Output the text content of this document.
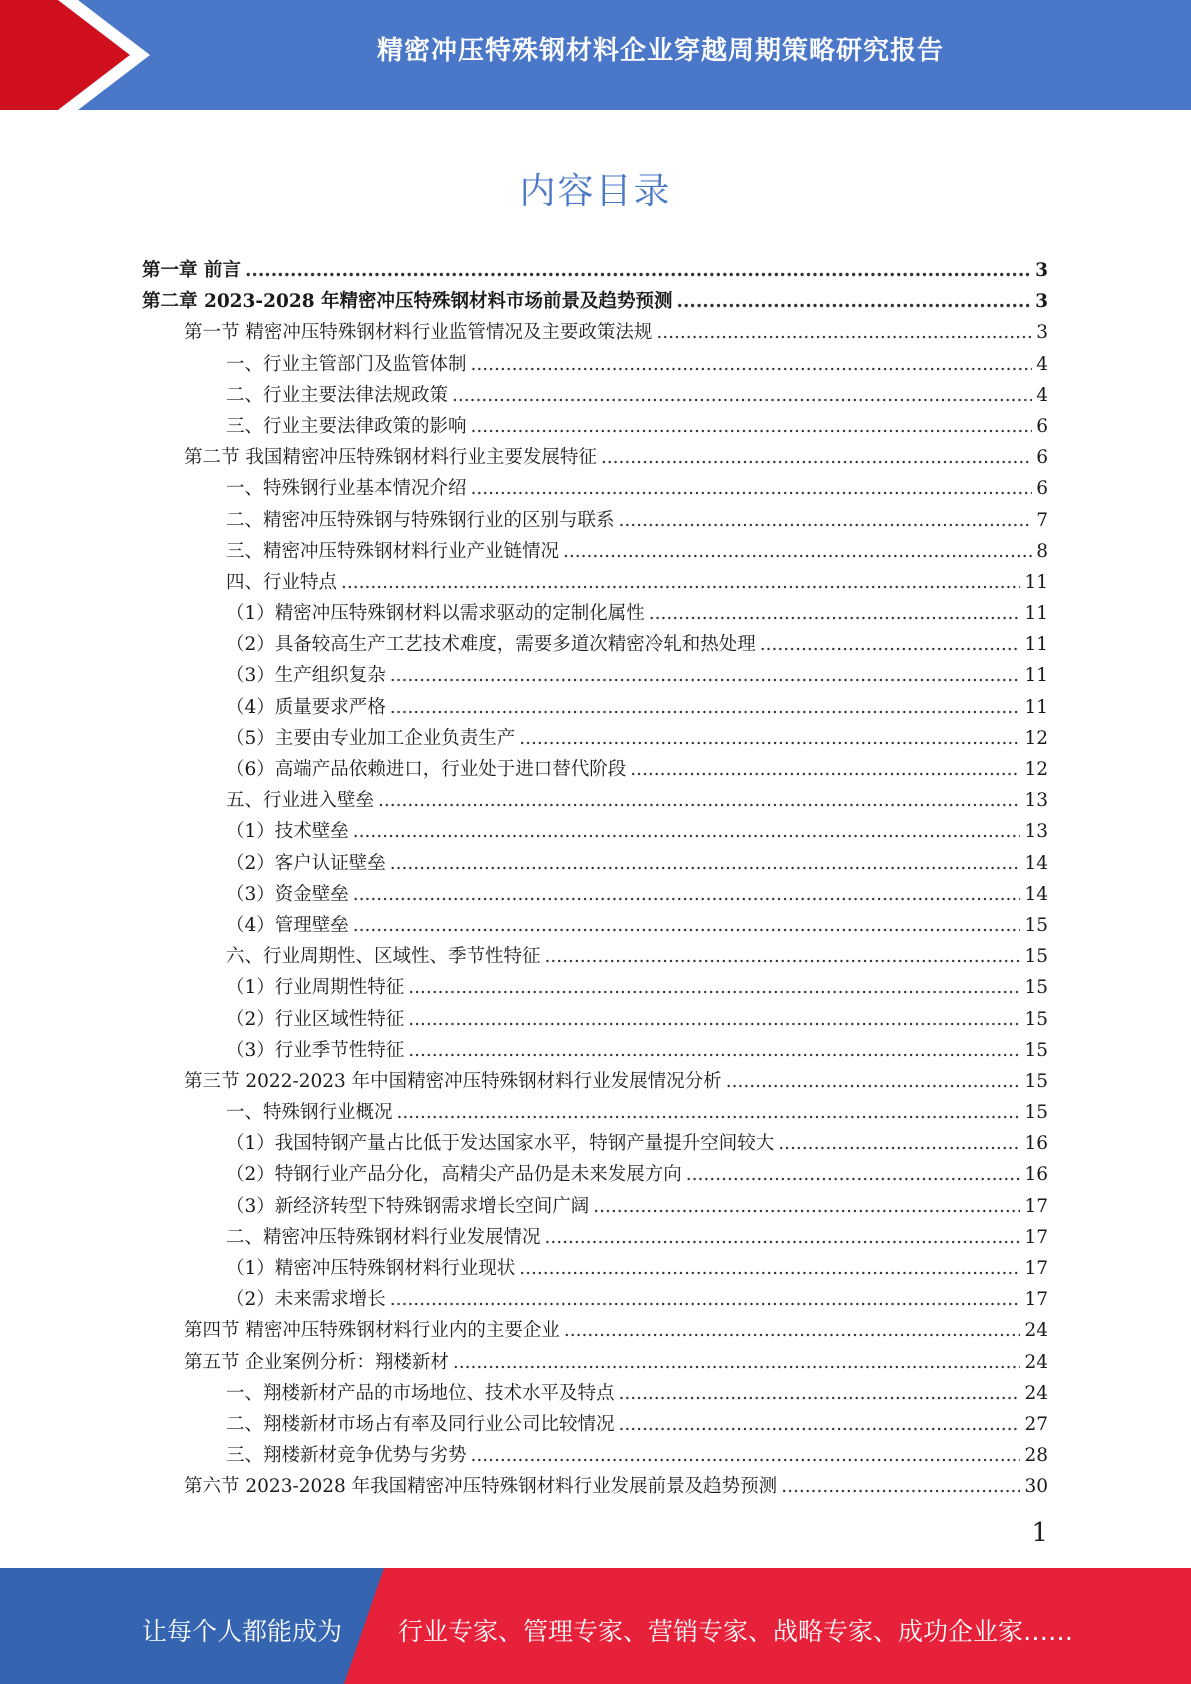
精密冲压特殊钢材料企业穿越周期策略研究报告
内容目录
第一章 前言 .....	3
第二章 2023-2028 年精密冲压特殊钢材料市场前景及趋势预测 .....	3
第一节 精密冲压特殊钢材料行业监管情况及主要政策法规 .....	3
一、行业主管部门及监管体制 .....	4
二、行业主要法律法规政策 .....	4
三、行业主要法律政策的影响 .....	6
第二节 我国精密冲压特殊钢材料行业主要发展特征 .....	6
一、特殊钢行业基本情况介绍 .....	6
二、精密冲压特殊钢与特殊钢行业的区别与联系 .....	7
三、精密冲压特殊钢材料行业产业链情况 .....	8
四、行业特点 .....	11
（1）精密冲压特殊钢材料以需求驱动的定制化属性 .....	11
（2）具备较高生产工艺技术难度，需要多道次精密冷轧和热处理 .....	11
（3）生产组织复杂 .....	11
（4）质量要求严格 .....	11
（5）主要由专业加工企业负责生产 .....	12
（6）高端产品依赖进口，行业处于进口替代阶段 .....	12
五、行业进入壁垒 .....	13
（1）技术壁垒 .....	13
（2）客户认证壁垒 .....	14
（3）资金壁垒 .....	14
（4）管理壁垒 .....	15
六、行业周期性、区域性、季节性特征 .....	15
（1）行业周期性特征 .....	15
（2）行业区域性特征 .....	15
（3）行业季节性特征 .....	15
第三节 2022-2023 年中国精密冲压特殊钢材料行业发展情况分析 .....	15
一、特殊钢行业概况 .....	15
（1）我国特钢产量占比低于发达国家水平，特钢产量提升空间较大 .....	16
（2）特钢行业产品分化，高精尖产品仍是未来发展方向 .....	16
（3）新经济转型下特殊钢需求增长空间广阔 .....	17
二、精密冲压特殊钢材料行业发展情况 .....	17
（1）精密冲压特殊钢材料行业现状 .....	17
（2）未来需求增长 .....	17
第四节 精密冲压特殊钢材料行业内的主要企业 .....	24
第五节 企业案例分析：翔楼新材 .....	24
一、翔楼新材产品的市场地位、技术水平及特点 .....	24
二、翔楼新材市场占有率及同行业公司比较情况 .....	27
三、翔楼新材竞争优势与劣势 .....	28
第六节 2023-2028 年我国精密冲压特殊钢材料行业发展前景及趋势预测 .....	30
1
让每个人都能成为 行业专家、管理专家、营销专家、战略专家、成功企业家……
